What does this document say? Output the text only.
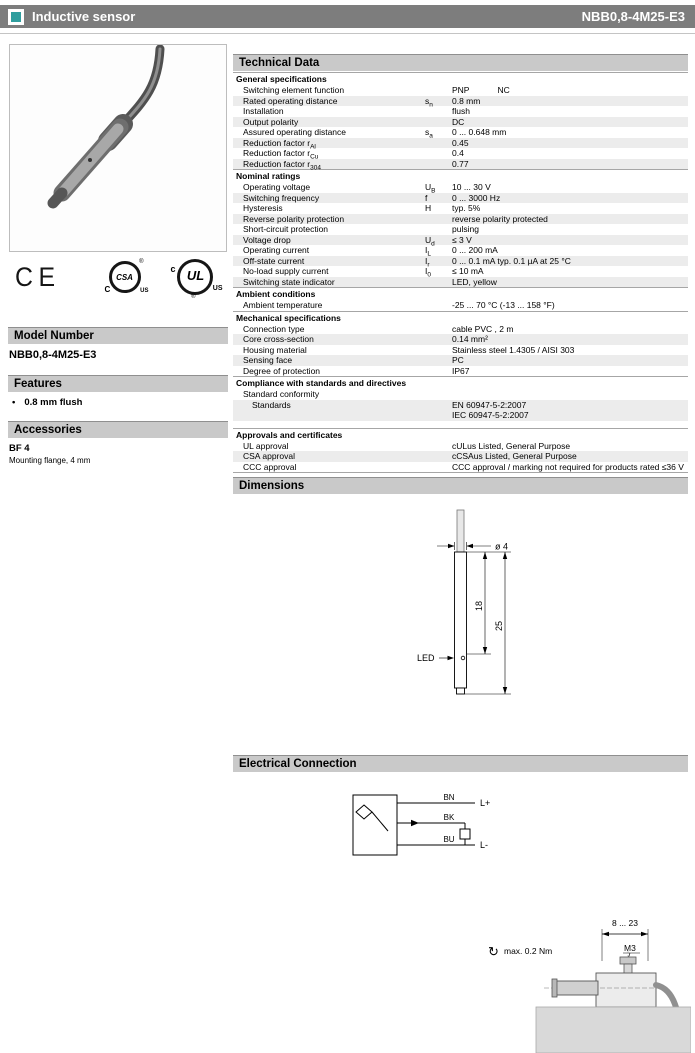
Inductive sensor	NBB0,8-4M25-E3
CE	CSA
C	US
®
UL
c
US
®
Model Number
NBB0,8-4M25-E3
Features
• 0.8 mm flush
Accessories
BF 4
Mounting flange, 4 mm
Technical Data
General specifications
Switching element function	PNP	NC
Rated operating distance	$s_n$	0.8 mm
Installation	flush
Output polarity	DC
Assured operating distance	$s_a$	0 ... 0.648 mm
Reduction factor $r_{Al}$	0.45
Reduction factor $r_{Cu}$	0.4
Reduction factor $r_{304}$	0.77
Nominal ratings
Operating voltage	$U_B$	10 ... 30 V
Switching frequency	f	0 ... 3000 Hz
Hysteresis	H	typ. 5%
Reverse polarity protection	reverse polarity protected
Short-circuit protection	pulsing
Voltage drop	$U_d$	≤ 3 V
Operating current	$I_L$	0 ... 200 mA
Off-state current	$I_r$	0 ... 0.1 mA typ. 0.1 µA at 25 °C
No-load supply current	$I_0$	≤ 10 mA
Switching state indicator	LED, yellow
Ambient conditions
Ambient temperature	-25 ... 70 °C (-13 ... 158 °F)
Mechanical specifications
Connection type	cable PVC , 2 m
Core cross-section	0.14 mm²
Housing material	Stainless steel 1.4305 / AISI 303
Sensing face	PC
Degree of protection	IP67
Compliance with standards and directives
Standard conformity
Standards	EN 60947-5-2:2007
IEC 60947-5-2:2007
Approvals and certificates
UL approval	cULus Listed, General Purpose
CSA approval	cCSAus Listed, General Purpose
CCC approval	CCC approval / marking not required for products rated ≤36 V
Dimensions
ø 4
18
25
LED
Electrical Connection
BN
BK
BU
L+
L-
8 ... 23
M3
↻ max. 0.2 Nm
